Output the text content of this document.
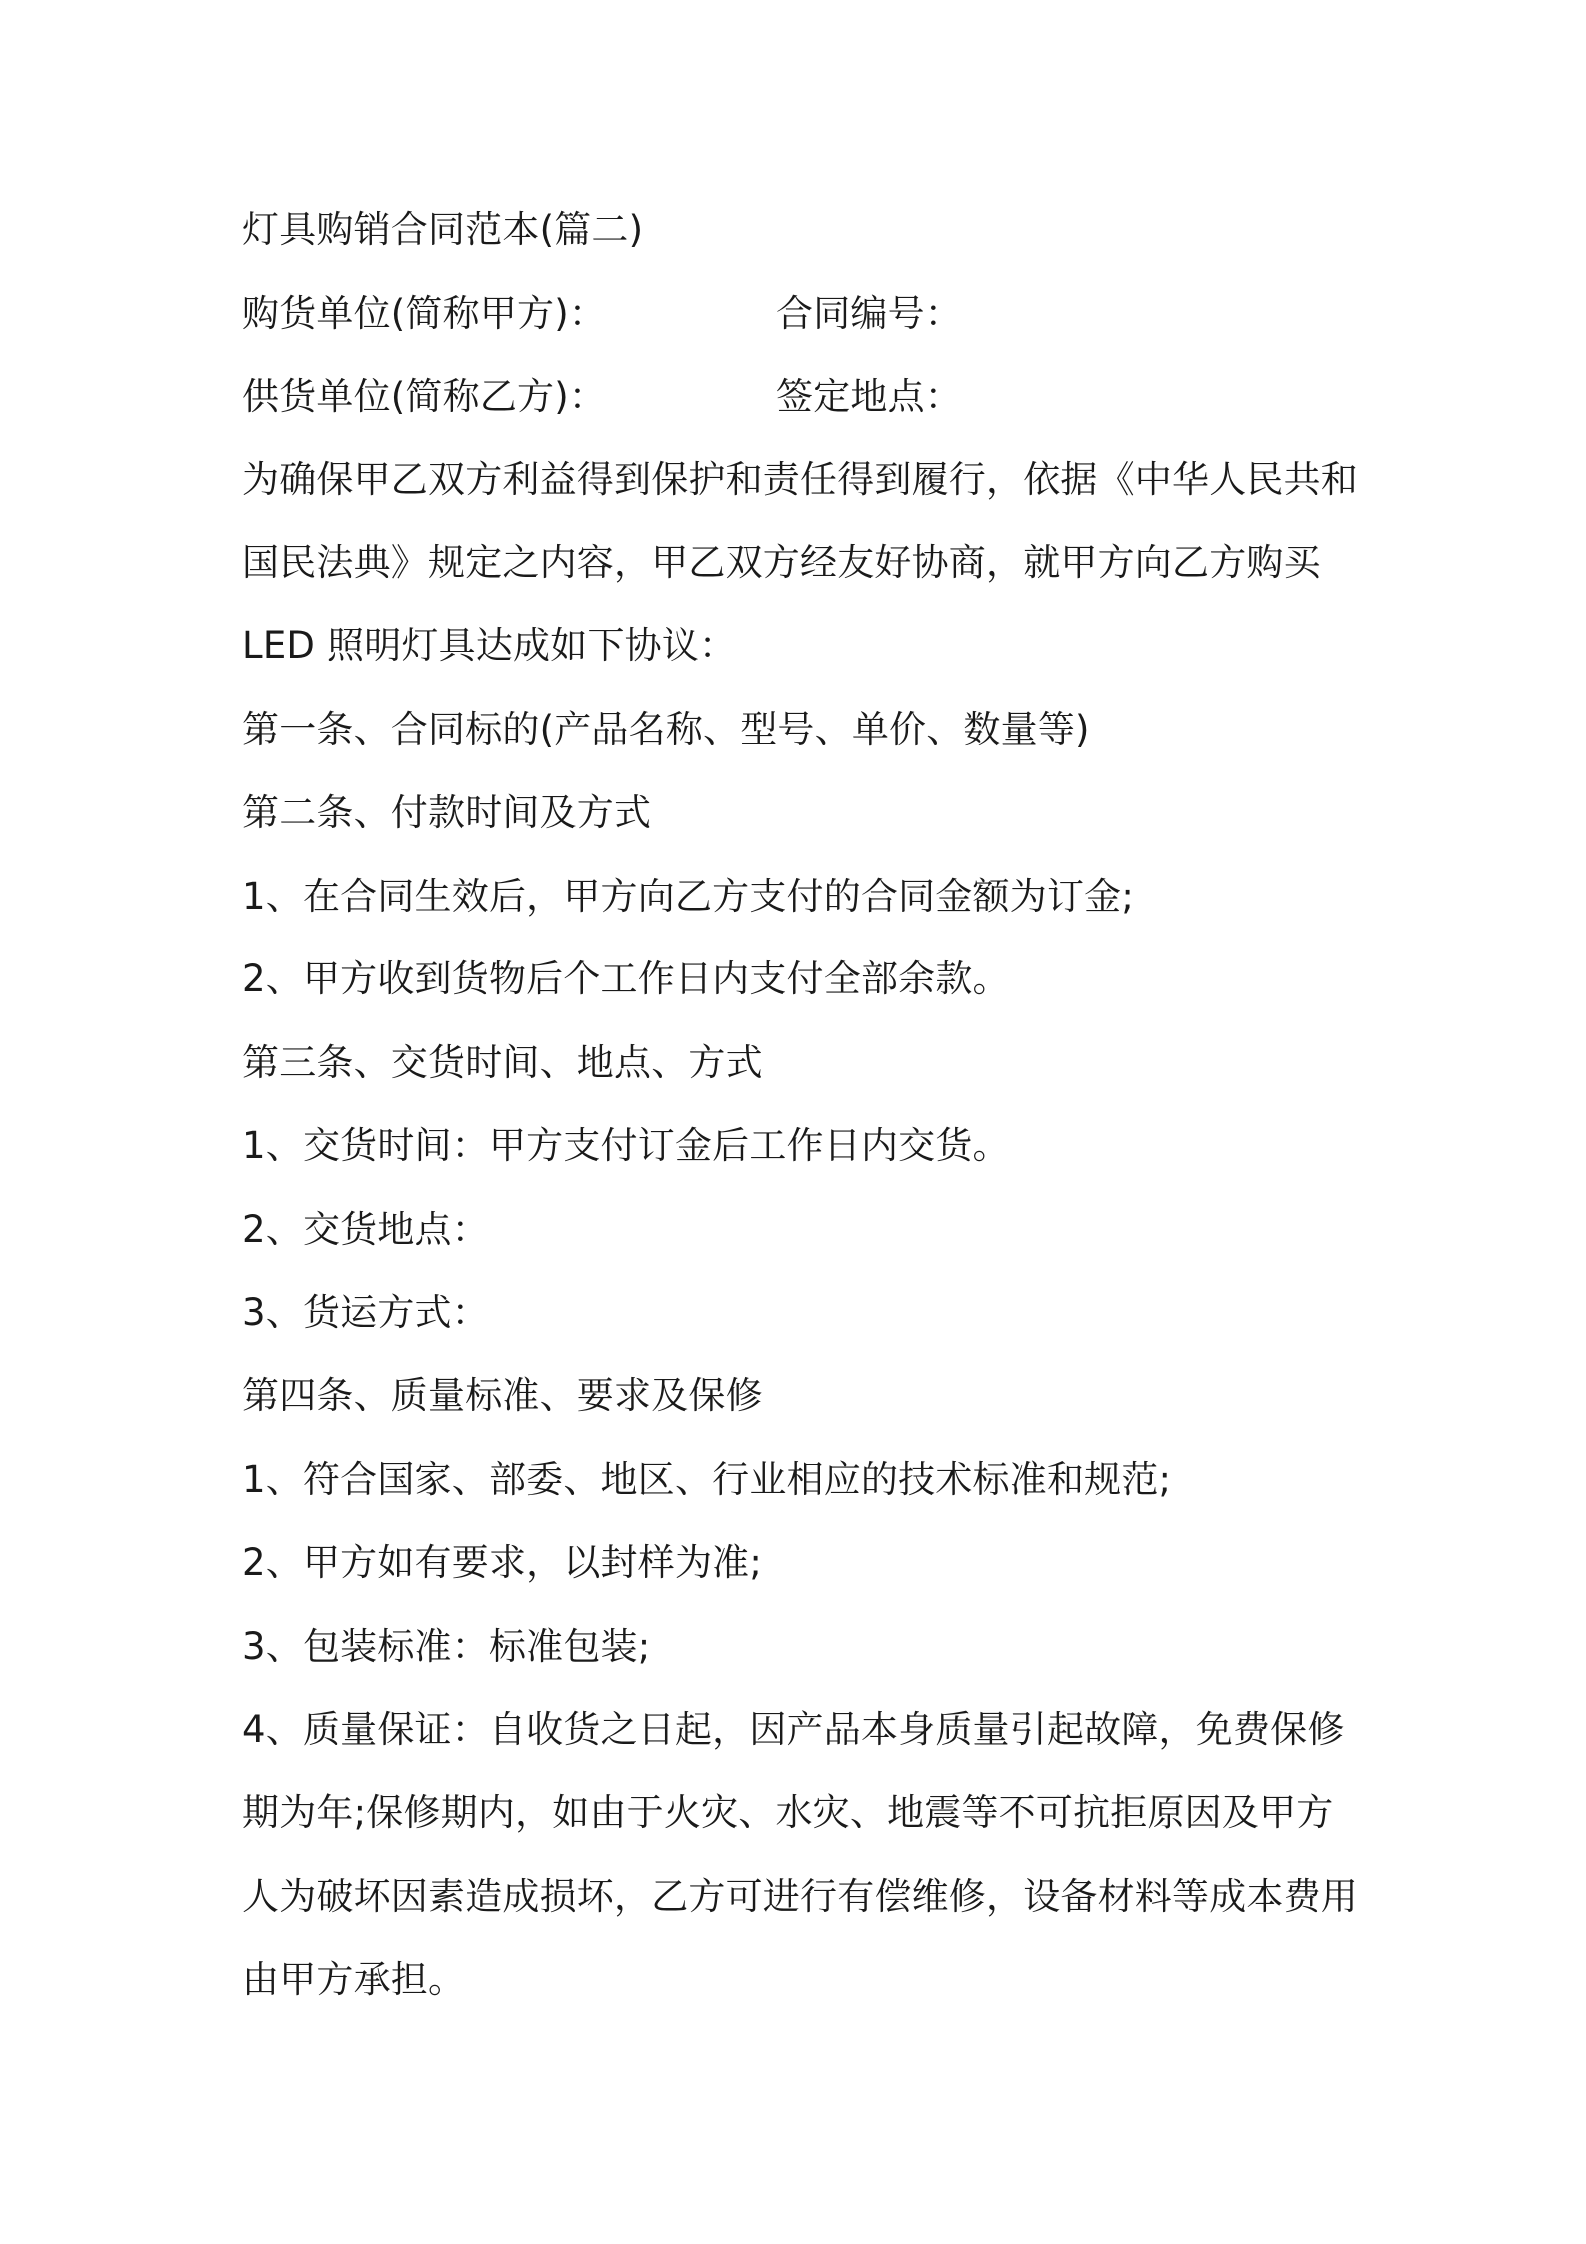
灯具购销合同范本(篇二)
购货单位(简称甲方)：	合同编号：
供货单位(简称乙方)：	签定地点：
为确保甲乙双方利益得到保护和责任得到履行，依据《中华人民共和
国民法典》规定之内容，甲乙双方经友好协商，就甲方向乙方购买
LED 照明灯具达成如下协议：
第一条、合同标的(产品名称、型号、单价、数量等)
第二条、付款时间及方式
1、在合同生效后，甲方向乙方支付的合同金额为订金;
2、甲方收到货物后个工作日内支付全部余款。
第三条、交货时间、地点、方式
1、交货时间：甲方支付订金后工作日内交货。
2、交货地点：
3、货运方式：
第四条、质量标准、要求及保修
1、符合国家、部委、地区、行业相应的技术标准和规范;
2、甲方如有要求，以封样为准;
3、包装标准：标准包装;
4、质量保证：自收货之日起，因产品本身质量引起故障，免费保修
期为年;保修期内，如由于火灾、水灾、地震等不可抗拒原因及甲方
人为破坏因素造成损坏，乙方可进行有偿维修，设备材料等成本费用
由甲方承担。
